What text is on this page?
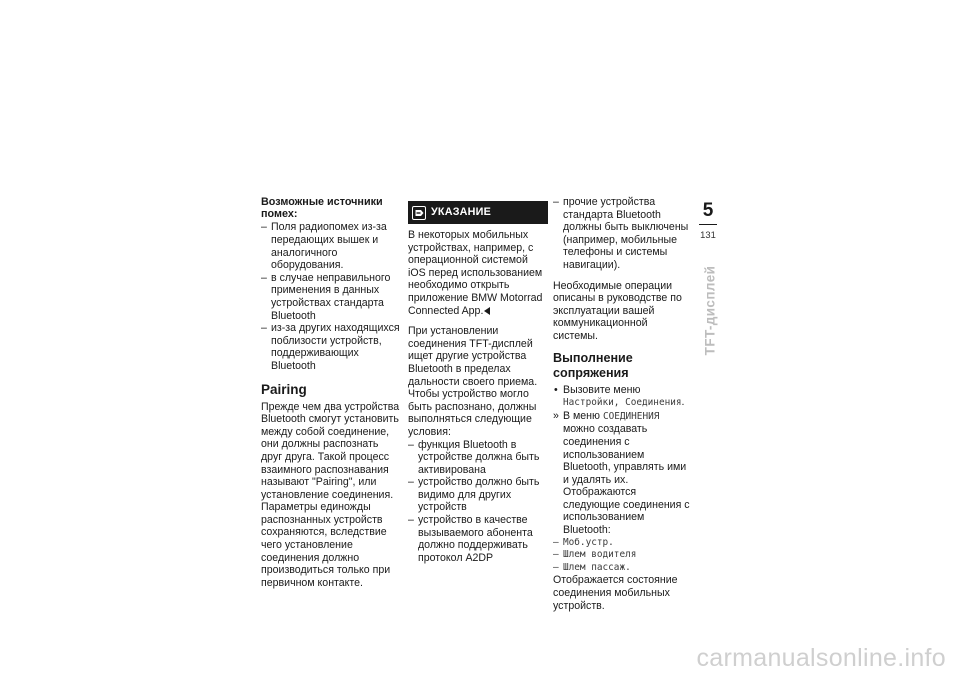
Возможные источники помех:

– Поля радиопомех из-за передающих вышек и аналогичного оборудования.

– в случае неправильного применения в данных устройствах стандарта Bluetooth

– из-за других находящихся поблизости устройств, поддерживающих Bluetooth

Pairing

Прежде чем два устройства Bluetooth смогут установить между собой соединение, они должны распознать друг друга. Такой процесс взаимного распознавания называют "Pairing", или установление соединения. Параметры единожды распознанных устройств сохраняются, вследствие чего установление соединения должно производиться только при первичном контакте.

УКАЗАНИЕ

В некоторых мобильных устройствах, например, с операционной системой iOS перед использованием необходимо открыть приложение BMW Motorrad Connected App.

При установлении соединения TFT-дисплей ищет другие устройства Bluetooth в пределах дальности своего приема. Чтобы устройство могло быть распознано, должны выполняться следующие условия:

– функция Bluetooth в устройстве должна быть активирована

– устройство должно быть видимо для других устройств

– устройство в качестве вызываемого абонента должно поддерживать протокол A2DP

– прочие устройства стандарта Bluetooth должны быть выключены (например, мобильные телефоны и системы навигации).

Необходимые операции описаны в руководстве по эксплуатации вашей коммуникационной системы.

Выполнение сопряжения

• Вызовите меню Настройки, Соединения.

» В меню СОЕДИНЕНИЯ можно создавать соединения с использованием Bluetooth, управлять ими и удалять их. Отображаются следующие соединения с использованием Bluetooth:

– Моб.устр.

– Шлем водителя

– Шлем пассаж.

Отображается состояние соединения мобильных устройств.

5
131
TFT-дисплей
carmanualsonline.info
